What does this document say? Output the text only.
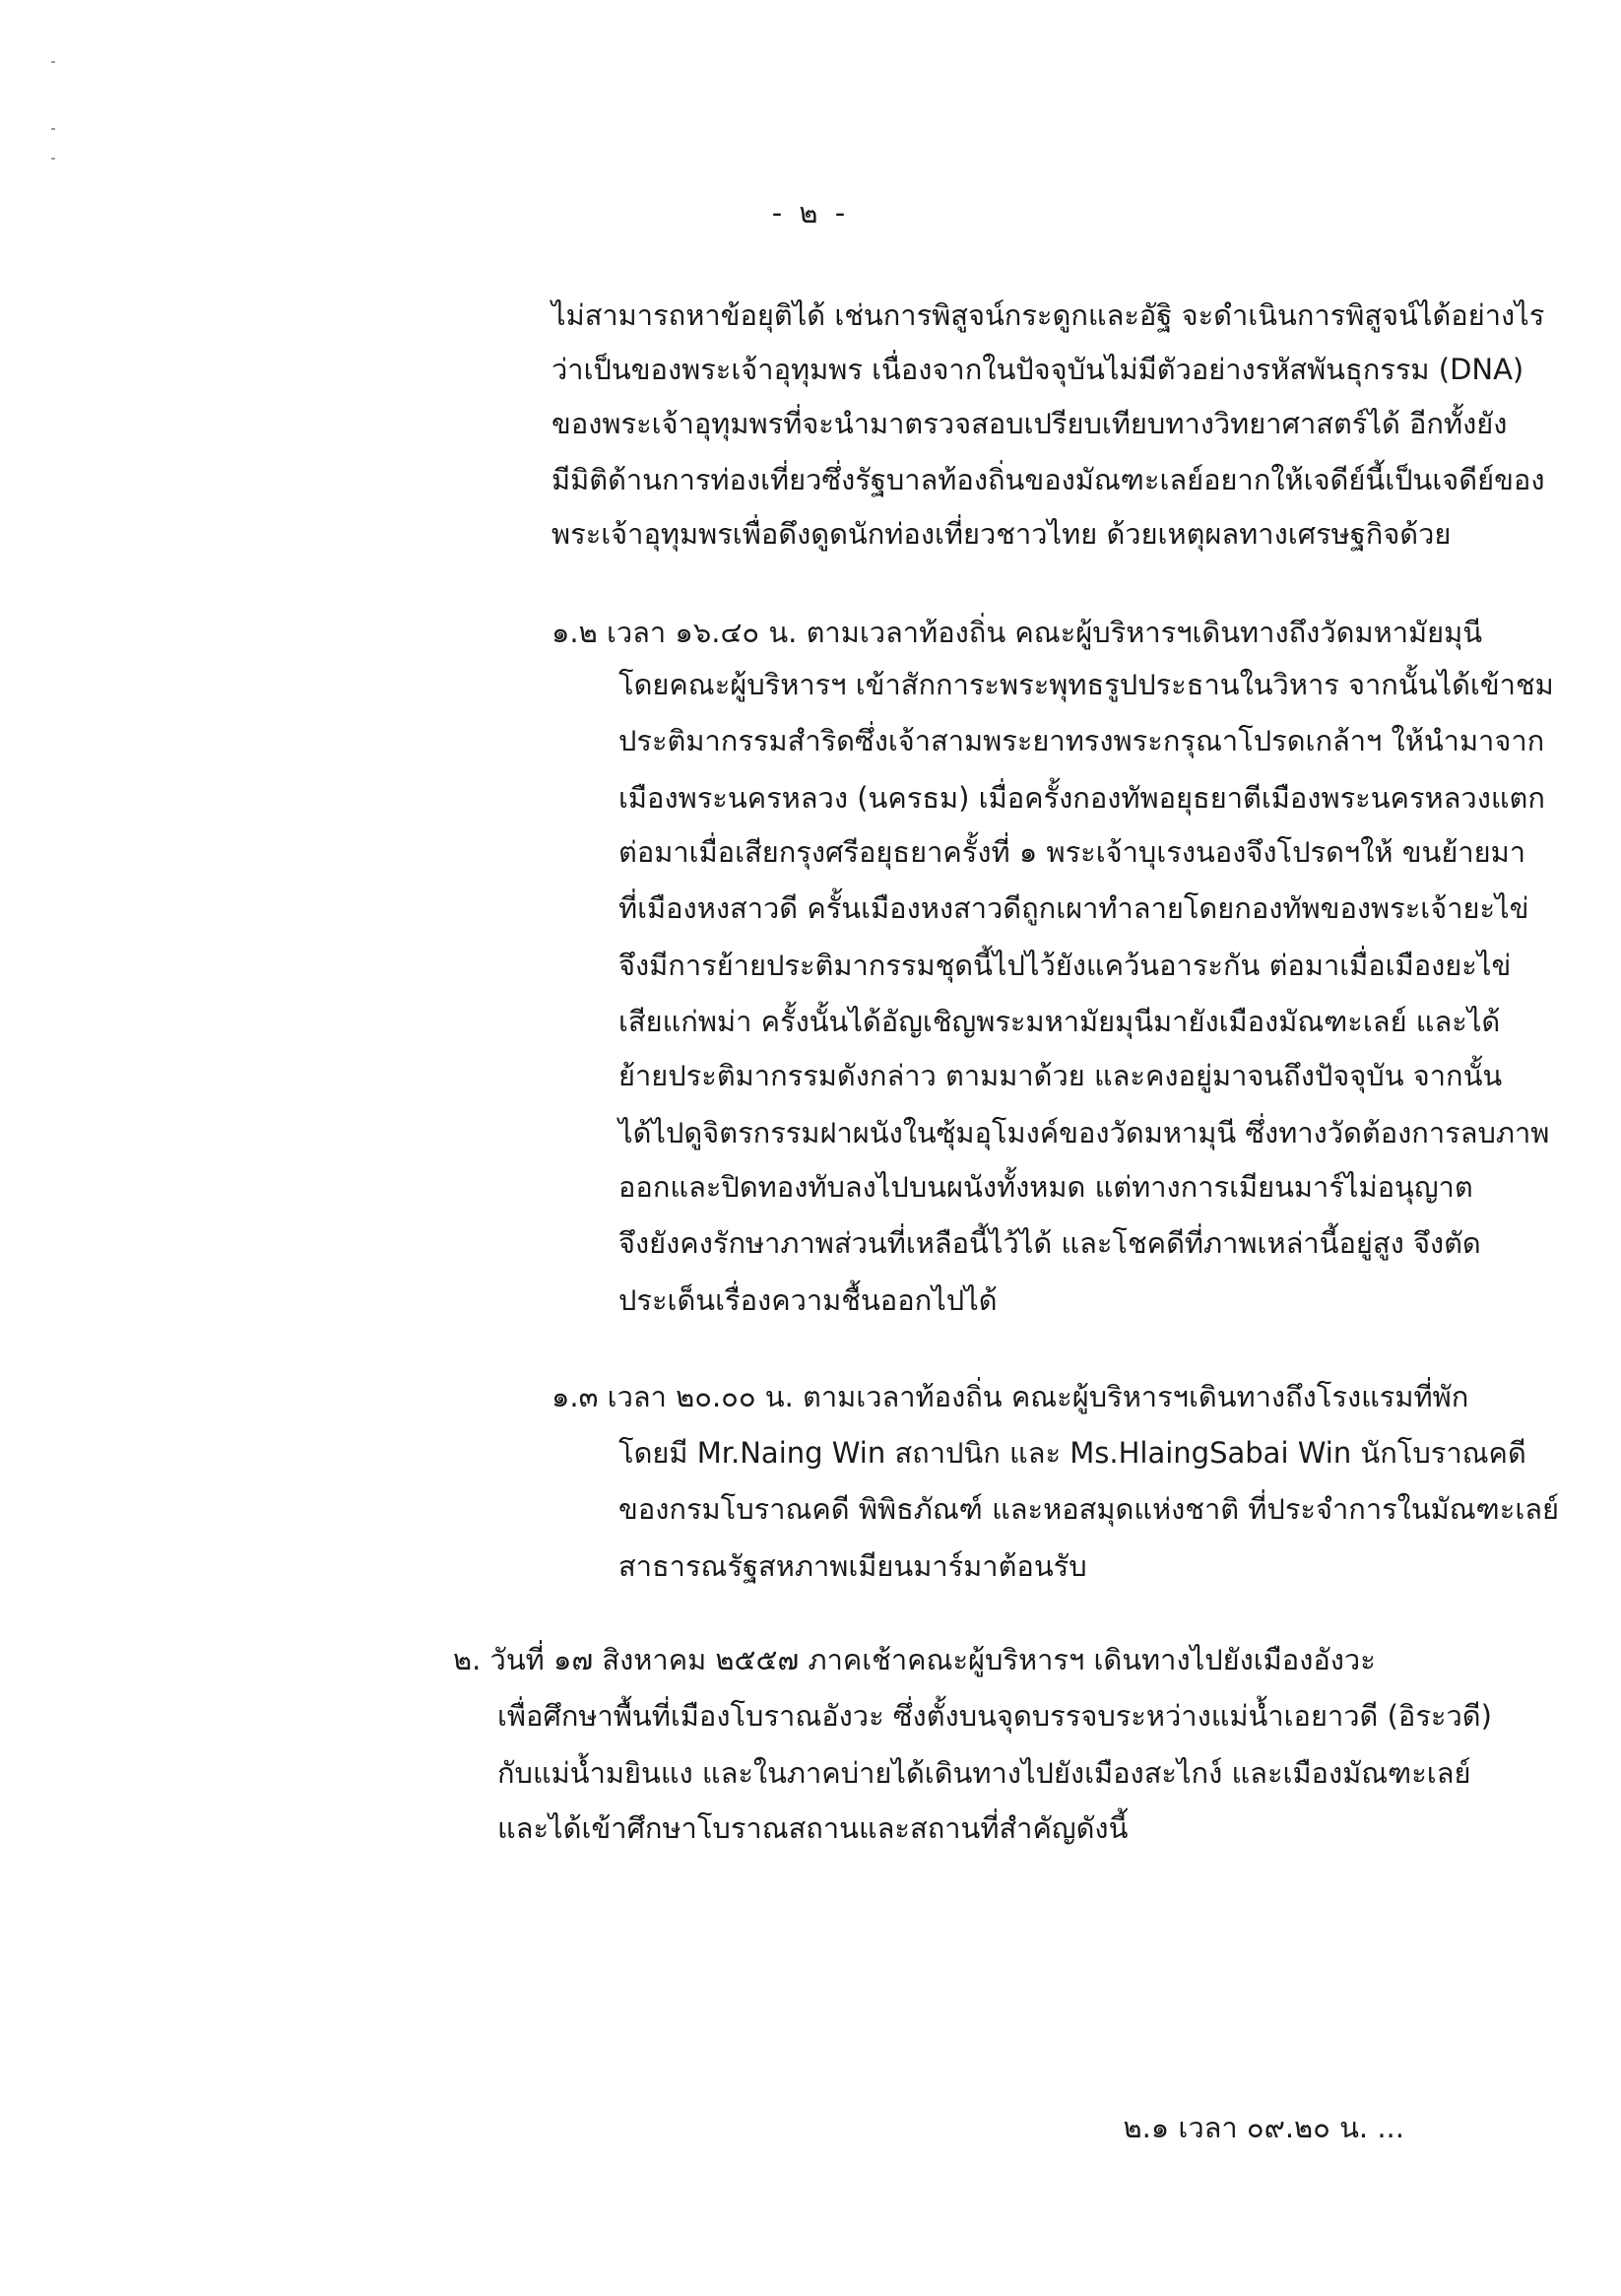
- ๒ -
ไม่สามารถหาข้อยุติได้ เช่นการพิสูจน์กระดูกและอัฐิ จะดำเนินการพิสูจน์ได้อย่างไร
ว่าเป็นของพระเจ้าอุทุมพร เนื่องจากในปัจจุบันไม่มีตัวอย่างรหัสพันธุกรรม (DNA)
ของพระเจ้าอุทุมพรที่จะนำมาตรวจสอบเปรียบเทียบทางวิทยาศาสตร์ได้ อีกทั้งยัง
มีมิติด้านการท่องเที่ยวซึ่งรัฐบาลท้องถิ่นของมัณฑะเลย์อยากให้เจดีย์นี้เป็นเจดีย์ของ
พระเจ้าอุทุมพรเพื่อดึงดูดนักท่องเที่ยวชาวไทย ด้วยเหตุผลทางเศรษฐกิจด้วย
๑.๒ เวลา ๑๖.๔๐ น. ตามเวลาท้องถิ่น คณะผู้บริหารฯเดินทางถึงวัดมหามัยมุนี
โดยคณะผู้บริหารฯ เข้าสักการะพระพุทธรูปประธานในวิหาร จากนั้นได้เข้าชม
ประติมากรรมสำริดซึ่งเจ้าสามพระยาทรงพระกรุณาโปรดเกล้าฯ ให้นำมาจาก
เมืองพระนครหลวง (นครธม) เมื่อครั้งกองทัพอยุธยาตีเมืองพระนครหลวงแตก
ต่อมาเมื่อเสียกรุงศรีอยุธยาครั้งที่ ๑ พระเจ้าบุเรงนองจึงโปรดฯให้ ขนย้ายมา
ที่เมืองหงสาวดี ครั้นเมืองหงสาวดีถูกเผาทำลายโดยกองทัพของพระเจ้ายะไข่
จึงมีการย้ายประติมากรรมชุดนี้ไปไว้ยังแคว้นอาระกัน ต่อมาเมื่อเมืองยะไข่
เสียแก่พม่า ครั้งนั้นได้อัญเชิญพระมหามัยมุนีมายังเมืองมัณฑะเลย์ และได้
ย้ายประติมากรรมดังกล่าว ตามมาด้วย และคงอยู่มาจนถึงปัจจุบัน จากนั้น
ได้ไปดูจิตรกรรมฝาผนังในซุ้มอุโมงค์ของวัดมหามุนี ซึ่งทางวัดต้องการลบภาพ
ออกและปิดทองทับลงไปบนผนังทั้งหมด แต่ทางการเมียนมาร์ไม่อนุญาต
จึงยังคงรักษาภาพส่วนที่เหลือนี้ไว้ได้ และโชคดีที่ภาพเหล่านี้อยู่สูง จึงตัด
ประเด็นเรื่องความชื้นออกไปได้
๑.๓ เวลา ๒๐.๐๐ น. ตามเวลาท้องถิ่น คณะผู้บริหารฯเดินทางถึงโรงแรมที่พัก
โดยมี Mr.Naing Win สถาปนิก และ Ms.HlaingSabai Win นักโบราณคดี
ของกรมโบราณคดี พิพิธภัณฑ์ และหอสมุดแห่งชาติ ที่ประจำการในมัณฑะเลย์
สาธารณรัฐสหภาพเมียนมาร์มาต้อนรับ
๒. วันที่ ๑๗ สิงหาคม ๒๕๕๗ ภาคเช้าคณะผู้บริหารฯ เดินทางไปยังเมืองอังวะ
เพื่อศึกษาพื้นที่เมืองโบราณอังวะ ซึ่งตั้งบนจุดบรรจบระหว่างแม่น้ำเอยาวดี (อิระวดี)
กับแม่น้ำมยินแง และในภาคบ่ายได้เดินทางไปยังเมืองสะไกง์ และเมืองมัณฑะเลย์
และได้เข้าศึกษาโบราณสถานและสถานที่สำคัญดังนี้
๒.๑ เวลา ๐๙.๒๐ น. ...
